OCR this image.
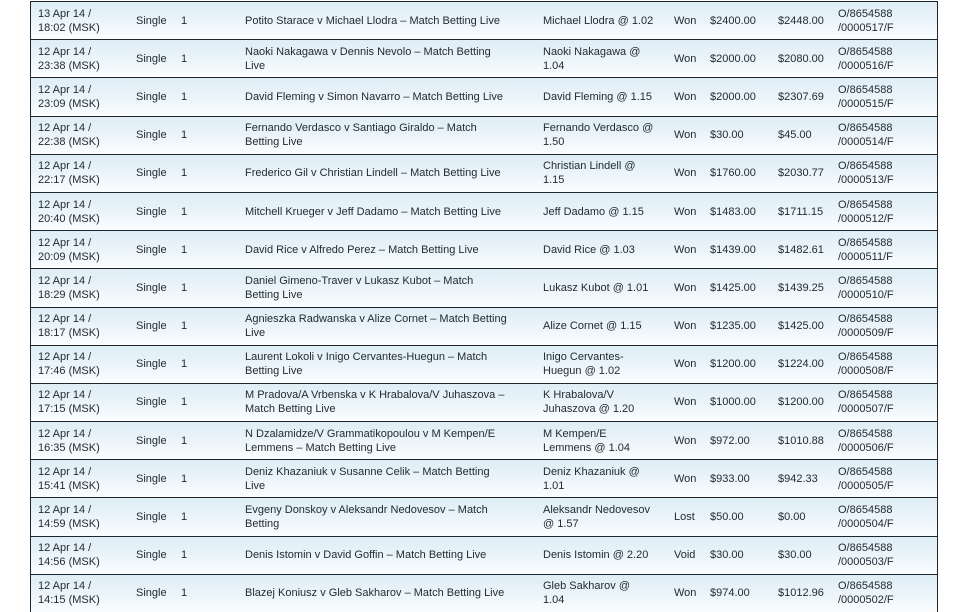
13 Apr 14 /
18:02 (MSK)
Single 1	Potito Starace v Michael Llodra – Match Betting Live	Michael Llodra @ 1.02 Won $2400.00 $2448.00
O/8654588
/0000517/F
12 Apr 14 /
23:38 (MSK)
Single 1
Naoki Nakagawa v Dennis Nevolo – Match Betting Live
Naoki Nakagawa @ 1.04
Won $2000.00 $2080.00
O/8654588
/0000516/F
12 Apr 14 /
23:09 (MSK)
Single 1	David Fleming v Simon Navarro – Match Betting Live	David Fleming @ 1.15 Won $2000.00 $2307.69
O/8654588
/0000515/F
12 Apr 14 /
22:38 (MSK)
Single 1
Fernando Verdasco v Santiago Giraldo – Match Betting Live
Fernando Verdasco @ 1.50
Won $30.00	$45.00
O/8654588
/0000514/F
12 Apr 14 /
22:17 (MSK)
Single 1	Frederico Gil v Christian Lindell – Match Betting Live
Christian Lindell @ 1.15
Won $1760.00 $2030.77
O/8654588
/0000513/F
12 Apr 14 /
20:40 (MSK)
Single 1	Mitchell Krueger v Jeff Dadamo – Match Betting Live	Jeff Dadamo @ 1.15	Won $1483.00 $1711.15
O/8654588
/0000512/F
12 Apr 14 /
20:09 (MSK)
Single 1	David Rice v Alfredo Perez – Match Betting Live	David Rice @ 1.03	Won $1439.00 $1482.61
O/8654588
/0000511/F
12 Apr 14 /
18:29 (MSK)
Single 1
Daniel Gimeno-Traver v Lukasz Kubot – Match Betting Live
Lukasz Kubot @ 1.01 Won $1425.00 $1439.25
O/8654588
/0000510/F
12 Apr 14 /
18:17 (MSK)
Single 1
Agnieszka Radwanska v Alize Cornet – Match Betting Live
Alize Cornet @ 1.15	Won $1235.00 $1425.00
O/8654588
/0000509/F
12 Apr 14 /
17:46 (MSK)
Single 1
Laurent Lokoli v Inigo Cervantes-Huegun – Match Betting Live
Inigo Cervantes-Huegun @ 1.02
Won $1200.00 $1224.00
O/8654588
/0000508/F
12 Apr 14 /
17:15 (MSK)
Single 1
M Pradova/A Vrbenska v K Hrabalova/V Juhaszova – Match Betting Live
K Hrabalova/V Juhaszova @ 1.20
Won $1000.00 $1200.00
O/8654588
/0000507/F
12 Apr 14 /
16:35 (MSK)
Single 1
N Dzalamidze/V Grammatikopoulou v M Kempen/E Lemmens – Match Betting Live
M Kempen/E Lemmens @ 1.04
Won $972.00	$1010.88
O/8654588
/0000506/F
12 Apr 14 /
15:41 (MSK)
Single 1
Deniz Khazaniuk v Susanne Celik – Match Betting Live
Deniz Khazaniuk @ 1.01
Won $933.00	$942.33
O/8654588
/0000505/F
12 Apr 14 /
14:59 (MSK)
Single 1
Evgeny Donskoy v Aleksandr Nedovesov – Match Betting
Aleksandr Nedovesov @ 1.57
Lost $50.00	$0.00
O/8654588
/0000504/F
12 Apr 14 /
14:56 (MSK)
Single 1	Denis Istomin v David Goffin – Match Betting Live	Denis Istomin @ 2.20 Void $30.00	$30.00
O/8654588
/0000503/F
12 Apr 14 /
14:15 (MSK)
Single 1	Blazej Koniusz v Gleb Sakharov – Match Betting Live
Gleb Sakharov @ 1.04
Won $974.00	$1012.96
O/8654588
/0000502/F
